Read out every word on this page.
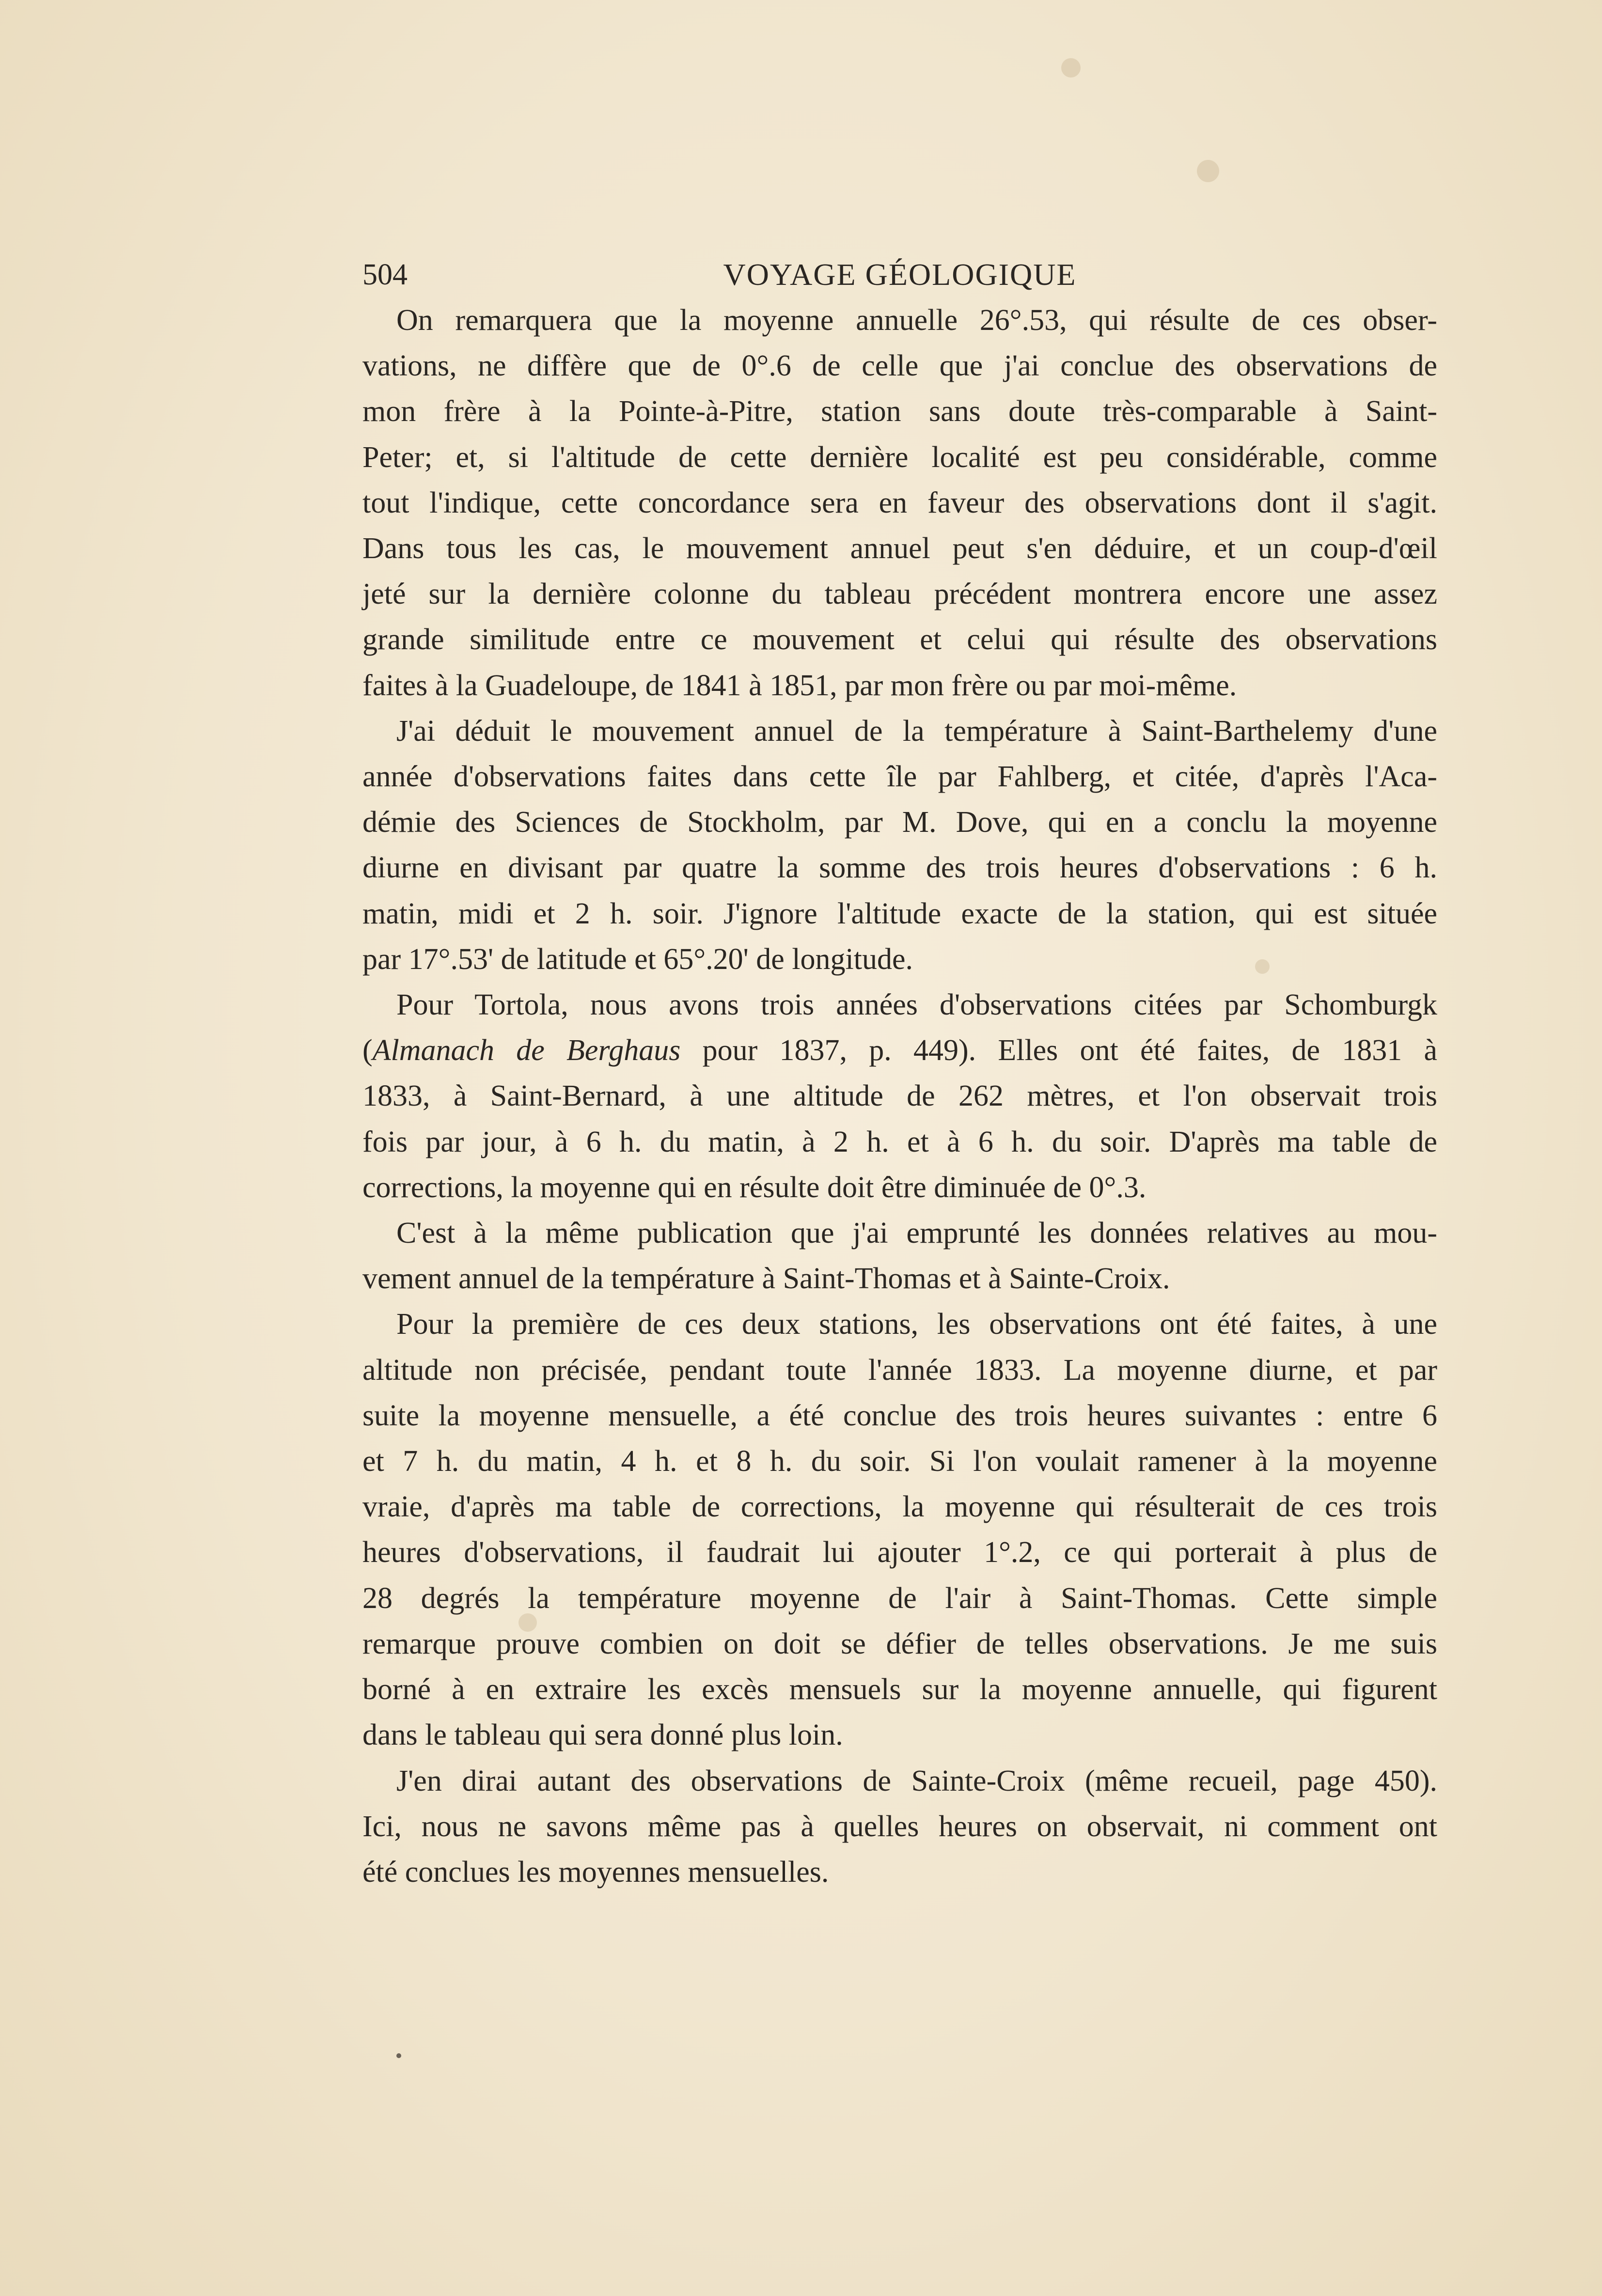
504	VOYAGE GÉOLOGIQUE
On remarquera que la moyenne annuelle 26°.53, qui résulte de ces obser-
vations, ne diffère que de 0°.6 de celle que j'ai conclue des observations de
mon frère à la Pointe-à-Pitre, station sans doute très-comparable à Saint-
Peter; et, si l'altitude de cette dernière localité est peu considérable, comme
tout l'indique, cette concordance sera en faveur des observations dont il s'agit.
Dans tous les cas, le mouvement annuel peut s'en déduire, et un coup-d'œil
jeté sur la dernière colonne du tableau précédent montrera encore une assez
grande similitude entre ce mouvement et celui qui résulte des observations
faites à la Guadeloupe, de 1841 à 1851, par mon frère ou par moi-même.
J'ai déduit le mouvement annuel de la température à Saint-Barthelemy d'une
année d'observations faites dans cette île par Fahlberg, et citée, d'après l'Aca-
démie des Sciences de Stockholm, par M. Dove, qui en a conclu la moyenne
diurne en divisant par quatre la somme des trois heures d'observations : 6 h.
matin, midi et 2 h. soir. J'ignore l'altitude exacte de la station, qui est située
par 17°.53' de latitude et 65°.20' de longitude.
Pour Tortola, nous avons trois années d'observations citées par Schomburgk
(Almanach de Berghaus pour 1837, p. 449). Elles ont été faites, de 1831 à
1833, à Saint-Bernard, à une altitude de 262 mètres, et l'on observait trois
fois par jour, à 6 h. du matin, à 2 h. et à 6 h. du soir. D'après ma table de
corrections, la moyenne qui en résulte doit être diminuée de 0°.3.
C'est à la même publication que j'ai emprunté les données relatives au mou-
vement annuel de la température à Saint-Thomas et à Sainte-Croix.
Pour la première de ces deux stations, les observations ont été faites, à une
altitude non précisée, pendant toute l'année 1833. La moyenne diurne, et par
suite la moyenne mensuelle, a été conclue des trois heures suivantes : entre 6
et 7 h. du matin, 4 h. et 8 h. du soir. Si l'on voulait ramener à la moyenne
vraie, d'après ma table de corrections, la moyenne qui résulterait de ces trois
heures d'observations, il faudrait lui ajouter 1°.2, ce qui porterait à plus de
28 degrés la température moyenne de l'air à Saint-Thomas. Cette simple
remarque prouve combien on doit se défier de telles observations. Je me suis
borné à en extraire les excès mensuels sur la moyenne annuelle, qui figurent
dans le tableau qui sera donné plus loin.
J'en dirai autant des observations de Sainte-Croix (même recueil, page 450).
Ici, nous ne savons même pas à quelles heures on observait, ni comment ont
été conclues les moyennes mensuelles.
